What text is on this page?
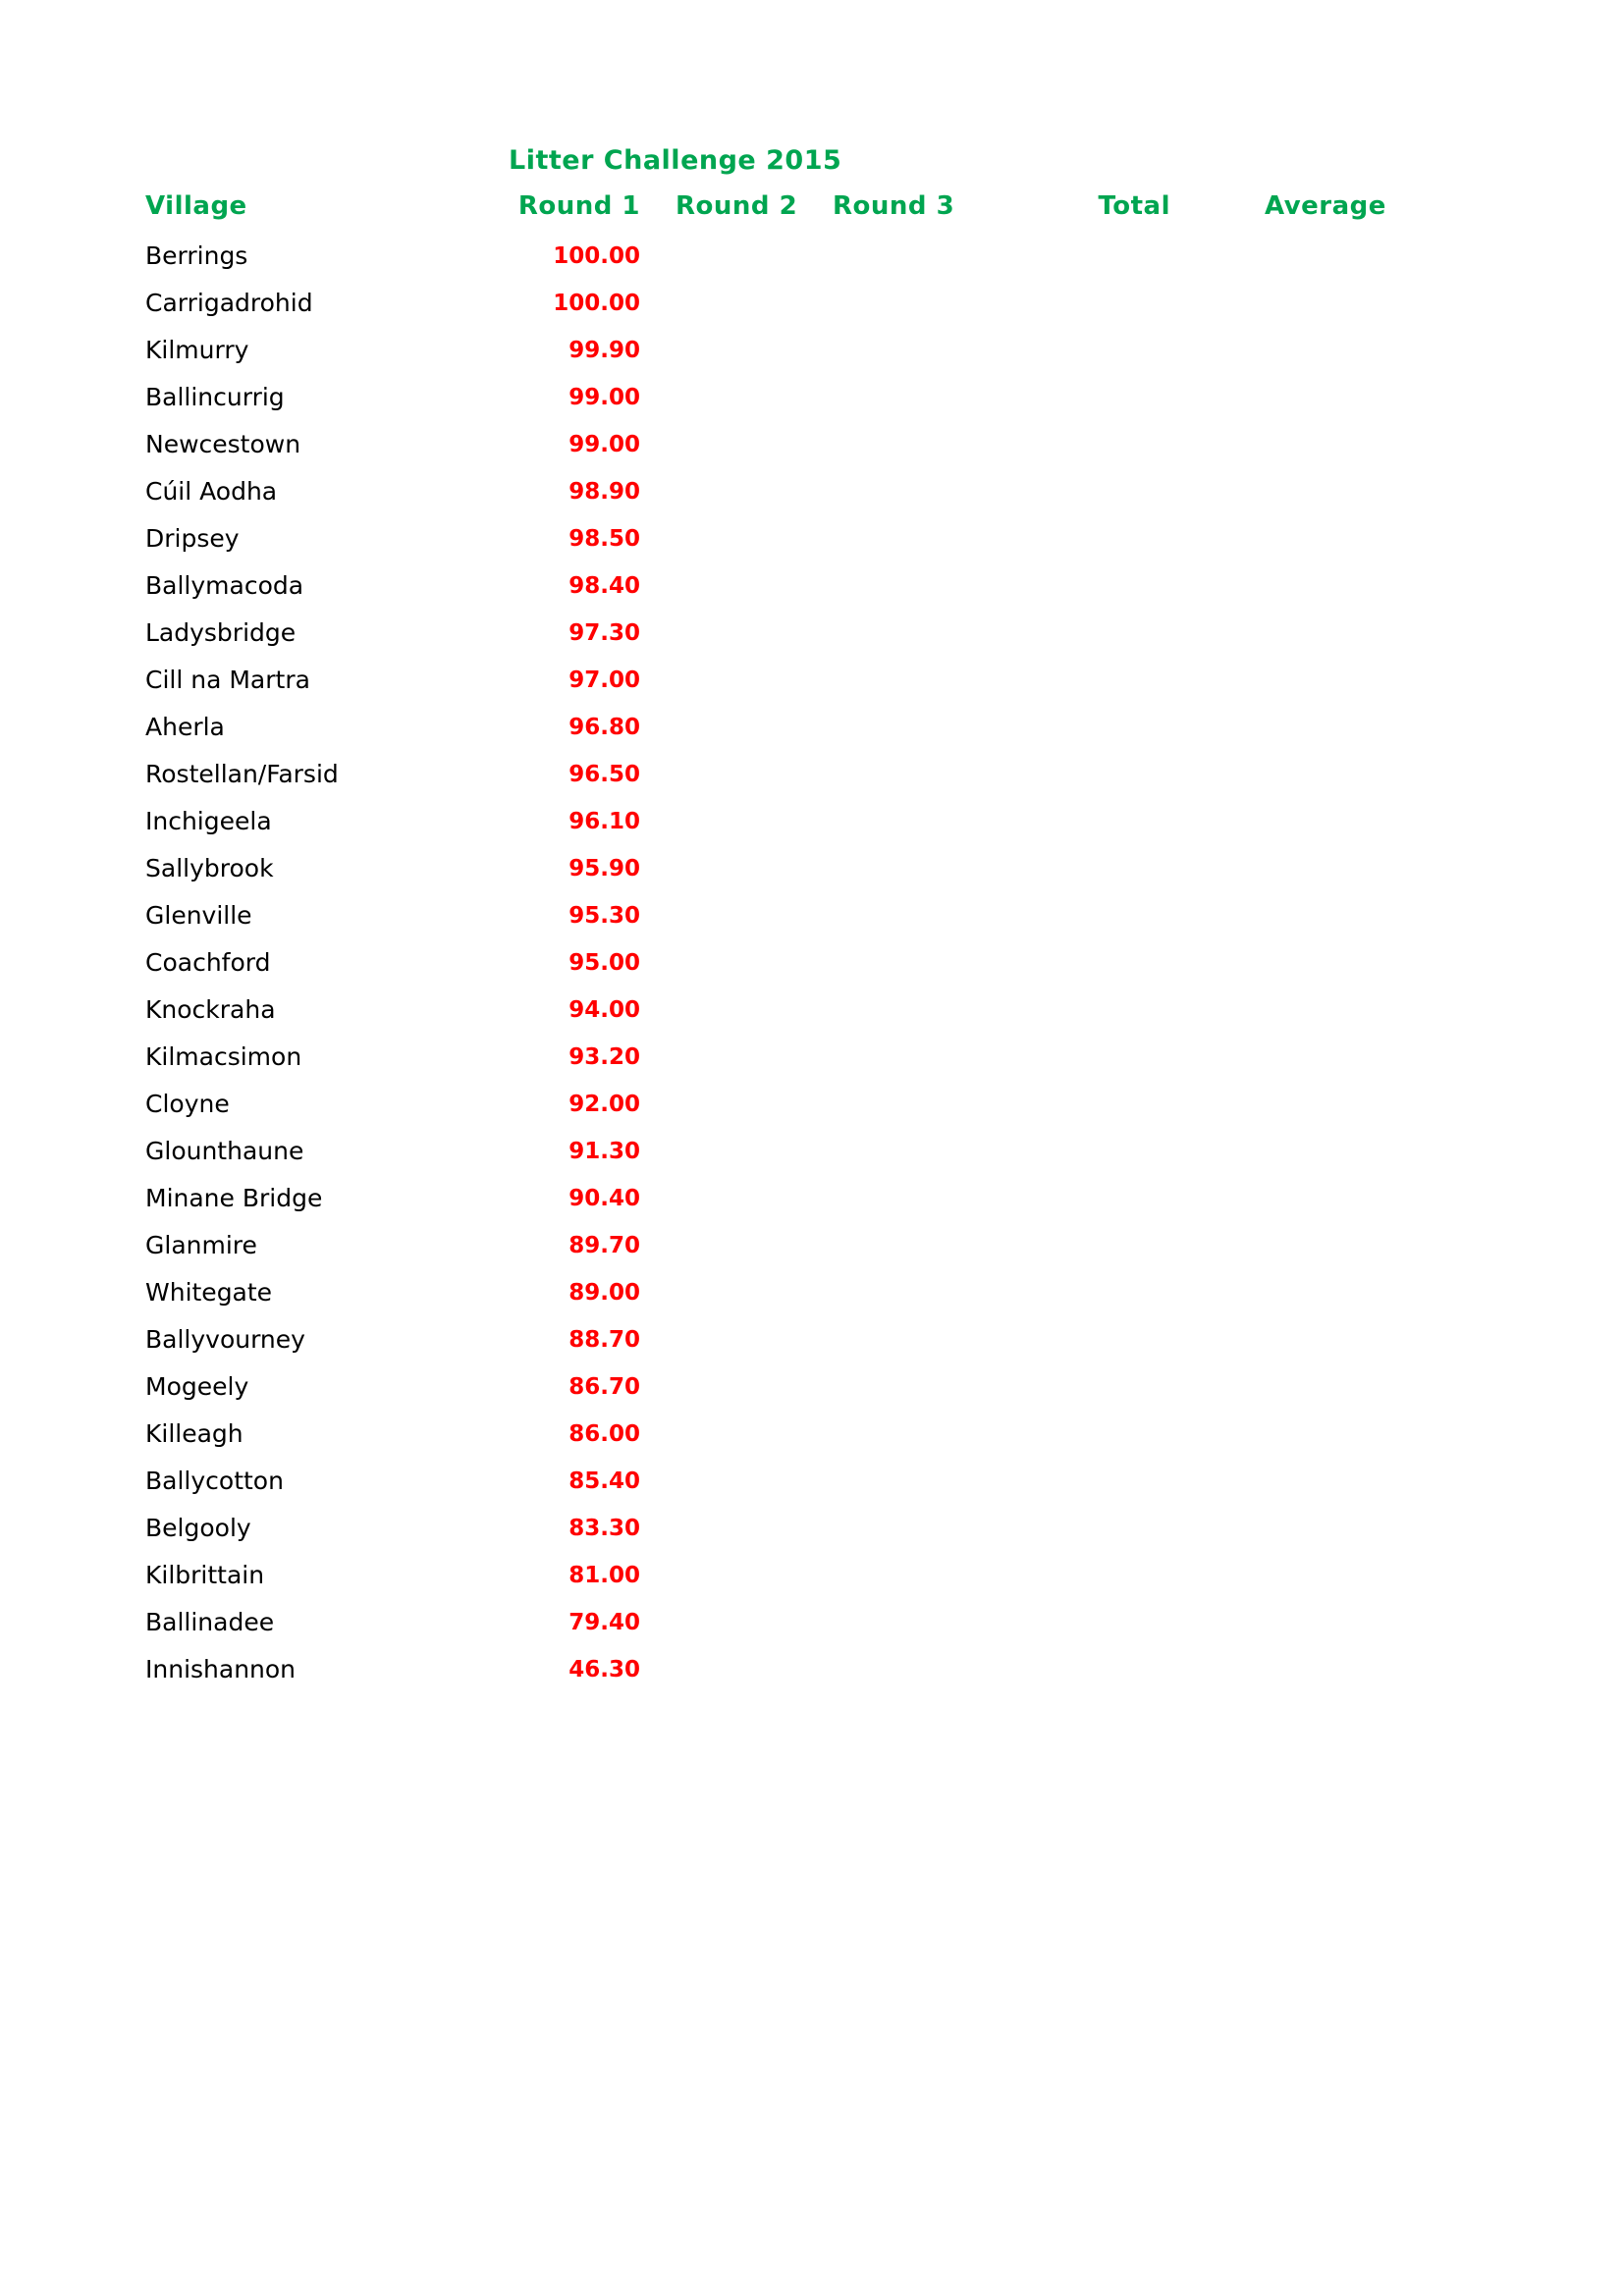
Litter Challenge 2015
Village	Round 1	Round 2	Round 3	Total	Average
Berrings	100.00				
Carrigadrohid	100.00				
Kilmurry	99.90				
Ballincurrig	99.00				
Newcestown	99.00				
Cúil Aodha	98.90				
Dripsey	98.50				
Ballymacoda	98.40				
Ladysbridge	97.30				
Cill na Martra	97.00				
Aherla	96.80				
Rostellan/Farsid	96.50				
Inchigeela	96.10				
Sallybrook	95.90				
Glenville	95.30				
Coachford	95.00				
Knockraha	94.00				
Kilmacsimon	93.20				
Cloyne	92.00				
Glounthaune	91.30				
Minane Bridge	90.40				
Glanmire	89.70				
Whitegate	89.00				
Ballyvourney	88.70				
Mogeely	86.70				
Killeagh	86.00				
Ballycotton	85.40				
Belgooly	83.30				
Kilbrittain	81.00				
Ballinadee	79.40				
Innishannon	46.30				
